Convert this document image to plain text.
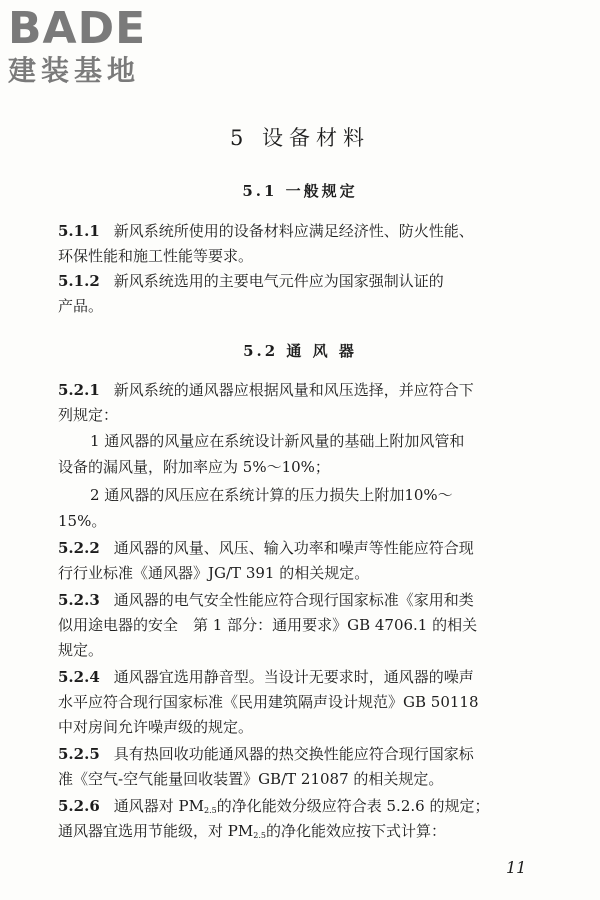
BADE
建装基地
5 设备材料
5.1 一般规定
5.2 通 风 器
5.1.1 新风系统所使用的设备材料应满足经济性、防火性能、
环保性能和施工性能等要求。
5.1.2 新风系统选用的主要电气元件应为国家强制认证的
产品。
5.2.1 新风系统的通风器应根据风量和风压选择，并应符合下
列规定：
1 通风器的风量应在系统设计新风量的基础上附加风管和
设备的漏风量，附加率应为 5%～10%；
2 通风器的风压应在系统计算的压力损失上附加10%～
15%。
5.2.2 通风器的风量、风压、输入功率和噪声等性能应符合现
行行业标准《通风器》JG/T 391 的相关规定。
5.2.3 通风器的电气安全性能应符合现行国家标准《家用和类
似用途电器的安全　第 1 部分：通用要求》GB 4706.1 的相关
规定。
5.2.4 通风器宜选用静音型。当设计无要求时，通风器的噪声
水平应符合现行国家标准《民用建筑隔声设计规范》GB 50118
中对房间允许噪声级的规定。
5.2.5 具有热回收功能通风器的热交换性能应符合现行国家标
准《空气-空气能量回收装置》GB/T 21087 的相关规定。
5.2.6 通风器对 $PM_{2.5}$的净化能效分级应符合表 5.2.6 的规定；
通风器宜选用节能级，对 $PM_{2.5}$的净化能效应按下式计算：
11
